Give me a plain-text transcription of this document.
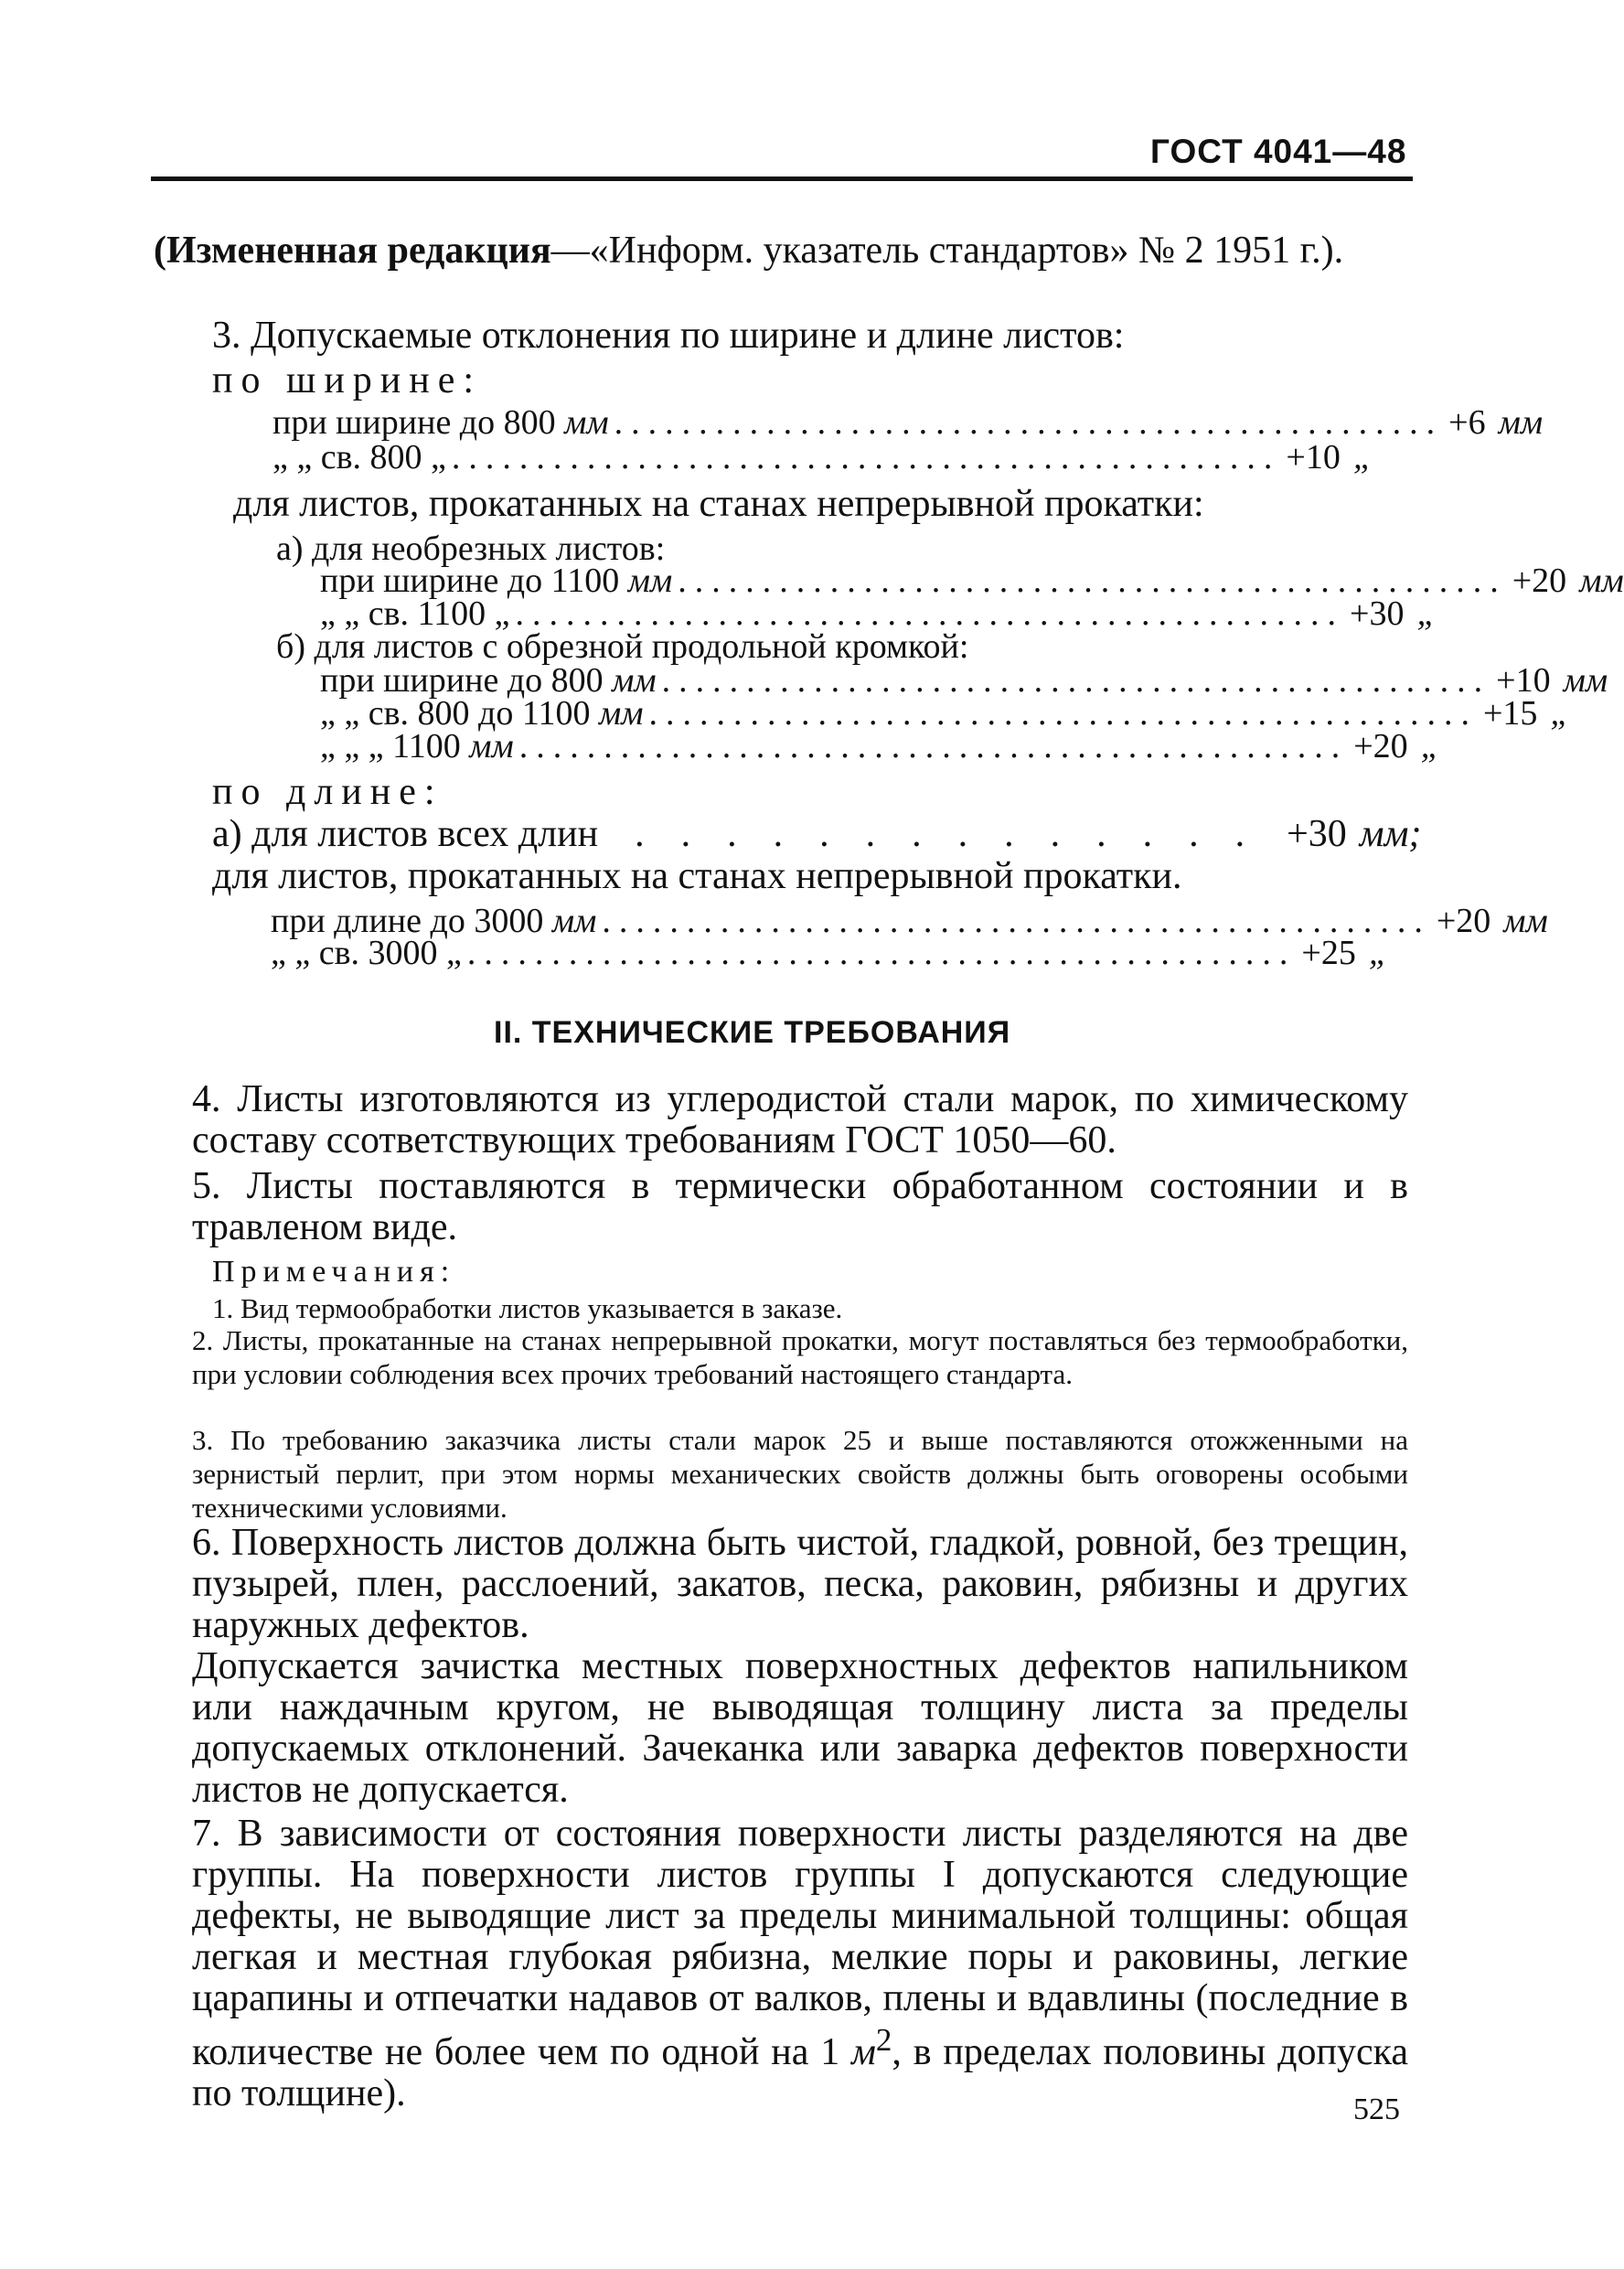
ГОСТ 4041—48
(Измененная редакция—«Информ. указатель стандартов» № 2 1951 г.).
3. Допускаемые отклонения по ширине и длине листов:
по ширине:
при ширине до 800
мм ................................................. +6 мм
„ „ св. 800
„ ................................................. +10 „
для листов, прокатанных на станах непрерывной прокатки:
а) для необрезных листов:
при ширине до 1100
мм ................................................. +20 мм
„ „ св. 1100
„ ................................................. +30 „
б) для листов с обрезной продольной кромкой:
при ширине до 800
мм ................................................. +10 мм
„ „ св. 800 до 1100
мм ................................................. +15 „
„ „ „ 1100
мм ................................................. +20 „
по длине:
а) для листов всех длин .............. +30 мм;
для листов, прокатанных на станах непрерывной прокатки.
при длине до 3000
мм ................................................. +20 мм
„ „ св. 3000
„ ................................................. +25 „
II. ТЕХНИЧЕСКИЕ ТРЕБОВАНИЯ
4. Листы изготовляются из углеродистой стали марок, по химическому составу ссответствующих требованиям ГОСТ 1050—60.
5. Листы поставляются в термически обработанном состоянии и в травленом виде.
Примечания:
1. Вид термообработки листов указывается в заказе.
2. Листы, прокатанные на станах непрерывной прокатки, могут поставляться без термообработки, при условии соблюдения всех прочих требований настоящего стандарта.
3. По требованию заказчика листы стали марок 25 и выше поставляются отожженными на зернистый перлит, при этом нормы механических свойств должны быть оговорены особыми техническими условиями.
6. Поверхность листов должна быть чистой, гладкой, ровной, без трещин, пузырей, плен, расслоений, закатов, песка, раковин, рябизны и других наружных дефектов.
Допускается зачистка местных поверхностных дефектов напильником или наждачным кругом, не выводящая толщину листа за пределы допускаемых отклонений. Зачеканка или заварка дефектов поверхности листов не допускается.
7. В зависимости от состояния поверхности листы разделяются на две группы. На поверхности листов группы I допускаются следующие дефекты, не выводящие лист за пределы минимальной толщины: общая легкая и местная глубокая рябизна, мелкие поры и раковины, легкие царапины и отпечатки надавов от валков, плены и вдавлины (последние в количестве не более чем по одной на 1 $м^2$, в пределах половины допуска по толщине).	525
